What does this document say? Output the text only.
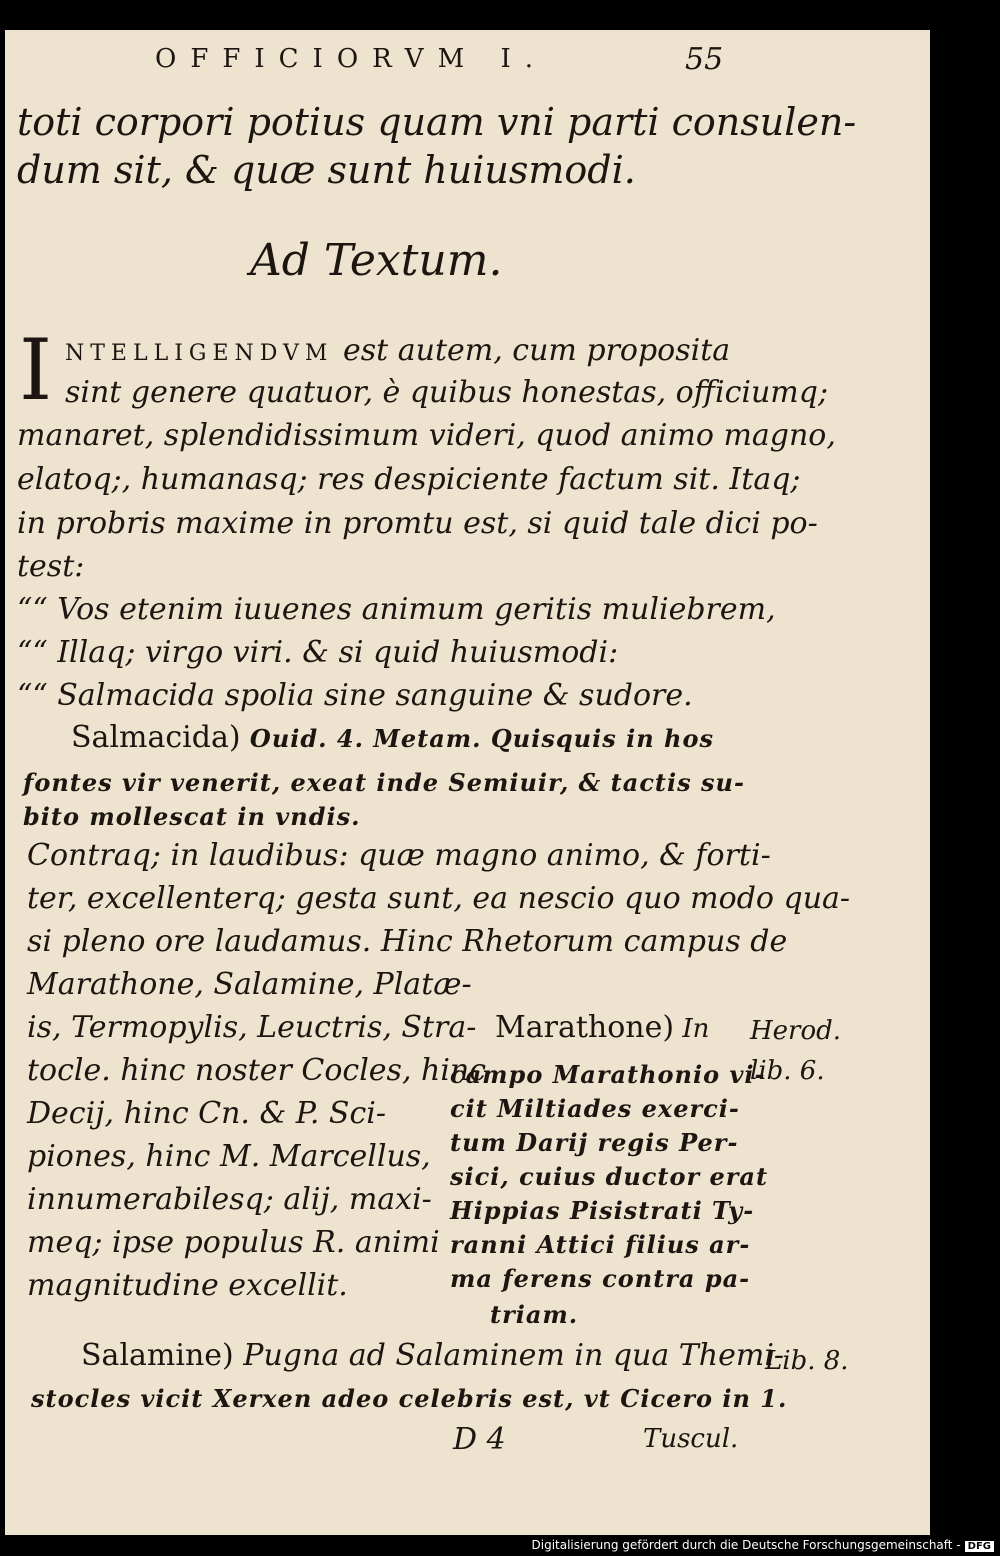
OFFICIORVM I.	55
toti corpori potius quam vni parti consulen-
dum sit, & quæ sunt huiusmodi.
Ad Textum.
I NTELLIGENDVM est autem, cum proposita
sint genere quatuor, è quibus honestas, officiumq;
manaret, splendidissimum videri, quod animo magno,
elatoq;, humanasq; res despiciente factum sit. Itaq;
in probris maxime in promtu est, si quid tale dici po-
test:
““ Vos etenim iuuenes animum geritis muliebrem,
““ Illaq; virgo viri. & si quid huiusmodi:
““ Salmacida spolia sine sanguine & sudore.
Salmacida) Ouid. 4. Metam. Quisquis in hos
fontes vir venerit, exeat inde Semiuir, & tactis su-
bito mollescat in vndis.
Contraq; in laudibus: quæ magno animo, & forti-
ter, excellenterq; gesta sunt, ea nescio quo modo qua-
si pleno ore laudamus. Hinc Rhetorum campus de
Marathone, Salamine, Platæ-
is, Termopylis, Leuctris, Stra-
tocle. hinc noster Cocles, hinc
Decij, hinc Cn. & P. Sci-
piones, hinc M. Marcellus,
innumerabilesq; alij, maxi-
meq; ipse populus R. animi
magnitudine excellit.
Marathone) In
campo Marathonio vi-
cit Miltiades exerci-
tum Darij regis Per-
sici, cuius ductor erat
Hippias Pisistrati Ty-
ranni Attici filius ar-
ma ferens contra pa-
triam.
Herod.
lib. 6.
Salamine) Pugna ad Salaminem in qua Themi-
stocles vicit Xerxen adeo celebris est, vt Cicero in 1.
Lib. 8.
D 4	Tuscul.
Digitalisierung gefördert durch die Deutsche Forschungsgemeinschaft - DFG
